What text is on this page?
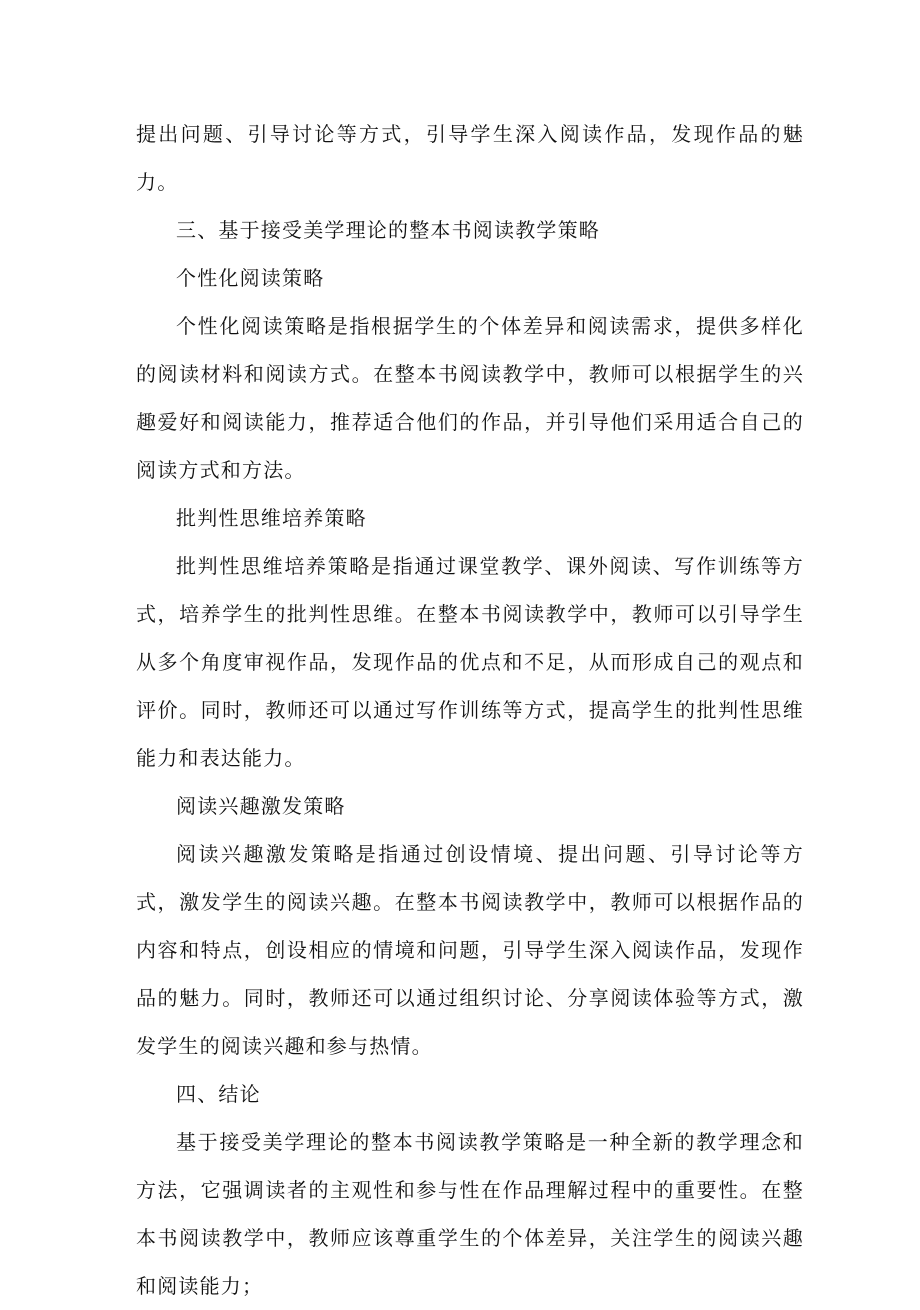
提出问题、引导讨论等方式，引导学生深入阅读作品，发现作品的魅力。

三、基于接受美学理论的整本书阅读教学策略

个性化阅读策略

个性化阅读策略是指根据学生的个体差异和阅读需求，提供多样化的阅读材料和阅读方式。在整本书阅读教学中，教师可以根据学生的兴趣爱好和阅读能力，推荐适合他们的作品，并引导他们采用适合自己的阅读方式和方法。

批判性思维培养策略

批判性思维培养策略是指通过课堂教学、课外阅读、写作训练等方式，培养学生的批判性思维。在整本书阅读教学中，教师可以引导学生从多个角度审视作品，发现作品的优点和不足，从而形成自己的观点和评价。同时，教师还可以通过写作训练等方式，提高学生的批判性思维能力和表达能力。

阅读兴趣激发策略

阅读兴趣激发策略是指通过创设情境、提出问题、引导讨论等方式，激发学生的阅读兴趣。在整本书阅读教学中，教师可以根据作品的内容和特点，创设相应的情境和问题，引导学生深入阅读作品，发现作品的魅力。同时，教师还可以通过组织讨论、分享阅读体验等方式，激发学生的阅读兴趣和参与热情。

四、结论

基于接受美学理论的整本书阅读教学策略是一种全新的教学理念和方法，它强调读者的主观性和参与性在作品理解过程中的重要性。在整本书阅读教学中，教师应该尊重学生的个体差异，关注学生的阅读兴趣和阅读能力；
